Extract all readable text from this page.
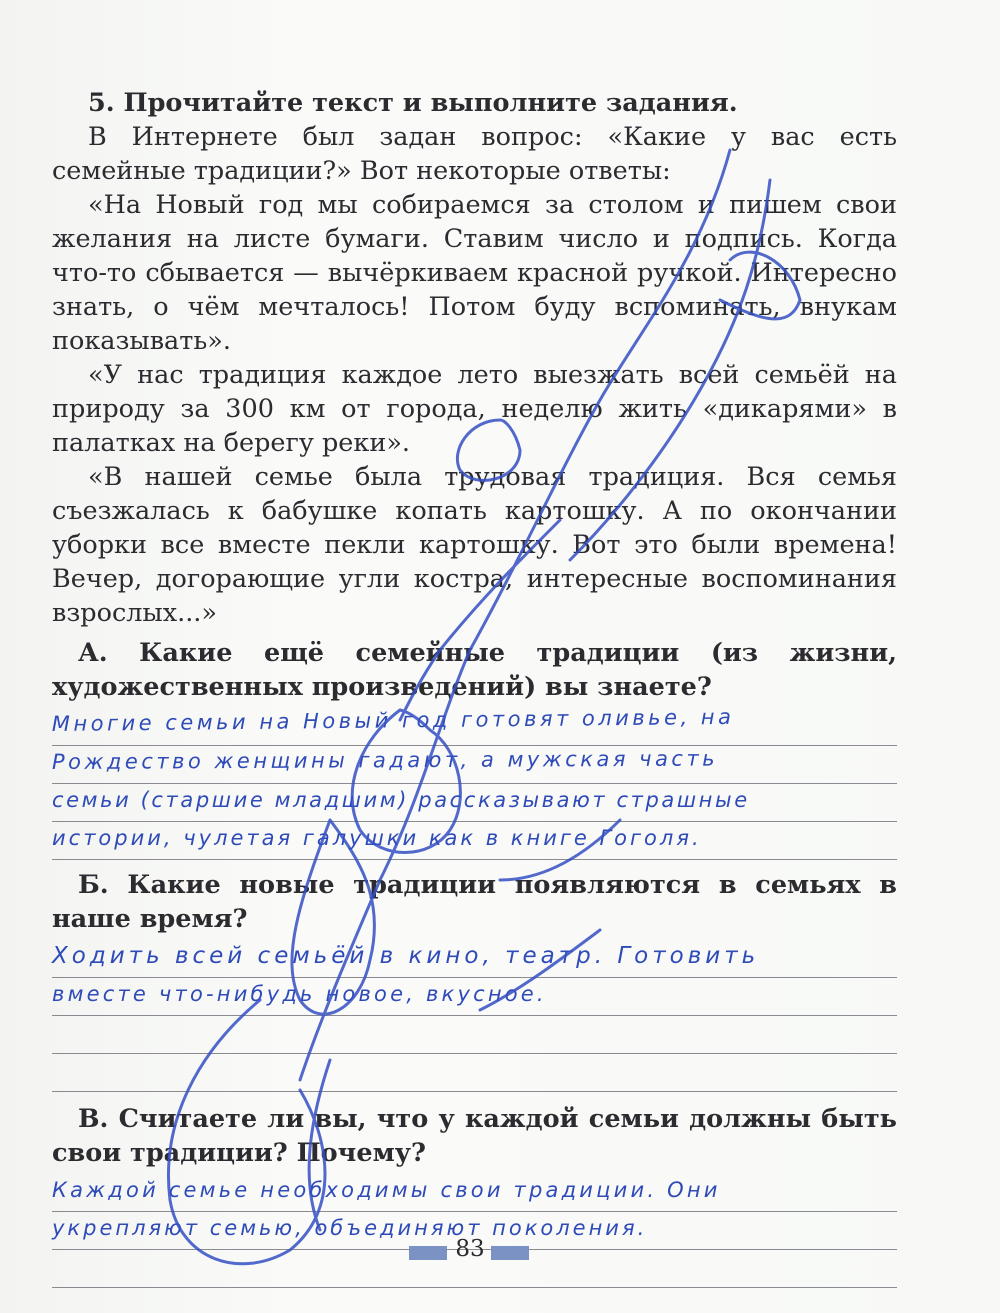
5. Прочитайте текст и выполните задания.

В Интернете был задан вопрос: «Какие у вас есть семейные традиции?» Вот некоторые ответы:

«На Новый год мы собираемся за столом и пишем свои желания на листе бумаги. Ставим число и подпись. Когда что-то сбывается — вычёркиваем красной ручкой. Интересно знать, о чём мечталось! Потом буду вспоминать, внукам показывать».

«У нас традиция каждое лето выезжать всей семьёй на природу за 300 км от города, неделю жить «дикарями» в палатках на берегу реки».

«В нашей семье была трудовая традиция. Вся семья съезжалась к бабушке копать картошку. А по окончании уборки все вместе пекли картошку. Вот это были времена! Вечер, догорающие угли костра, интересные воспоминания взрослых...»

А. Какие ещё семейные традиции (из жизни, художественных произведений) вы знаете?

Многие семьи на Новый год готовят оливье, на
Рождество женщины гадают, а мужская часть
семьи (старшие младшим) рассказывают страшные
истории, чулетая галушки как в книге Гоголя.

Б. Какие новые традиции появляются в семьях в наше время?

Ходить всей семьёй в кино, театр. Готовить
вместе что-нибудь новое, вкусное.

В. Считаете ли вы, что у каждой семьи должны быть свои традиции? Почему?

Каждой семье необходимы свои традиции. Они
укрепляют семью, объединяют поколения.
83
